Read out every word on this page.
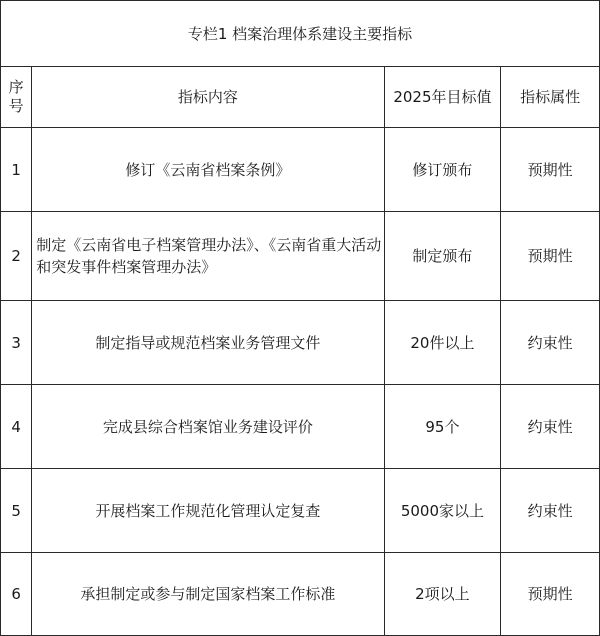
专栏1 档案治理体系建设主要指标			
序
号	指标内容	2025年目标值	指标属性
1	修订《云南省档案条例》	修订颁布	预期性
2	制定《云南省电子档案管理办法》、《云南省重大活动和突发事件档案管理办法》	制定颁布	预期性
3	制定指导或规范档案业务管理文件	20件以上	约束性
4	完成县综合档案馆业务建设评价	95个	约束性
5	开展档案工作规范化管理认定复查	5000家以上	约束性
6	承担制定或参与制定国家档案工作标准	2项以上	预期性
